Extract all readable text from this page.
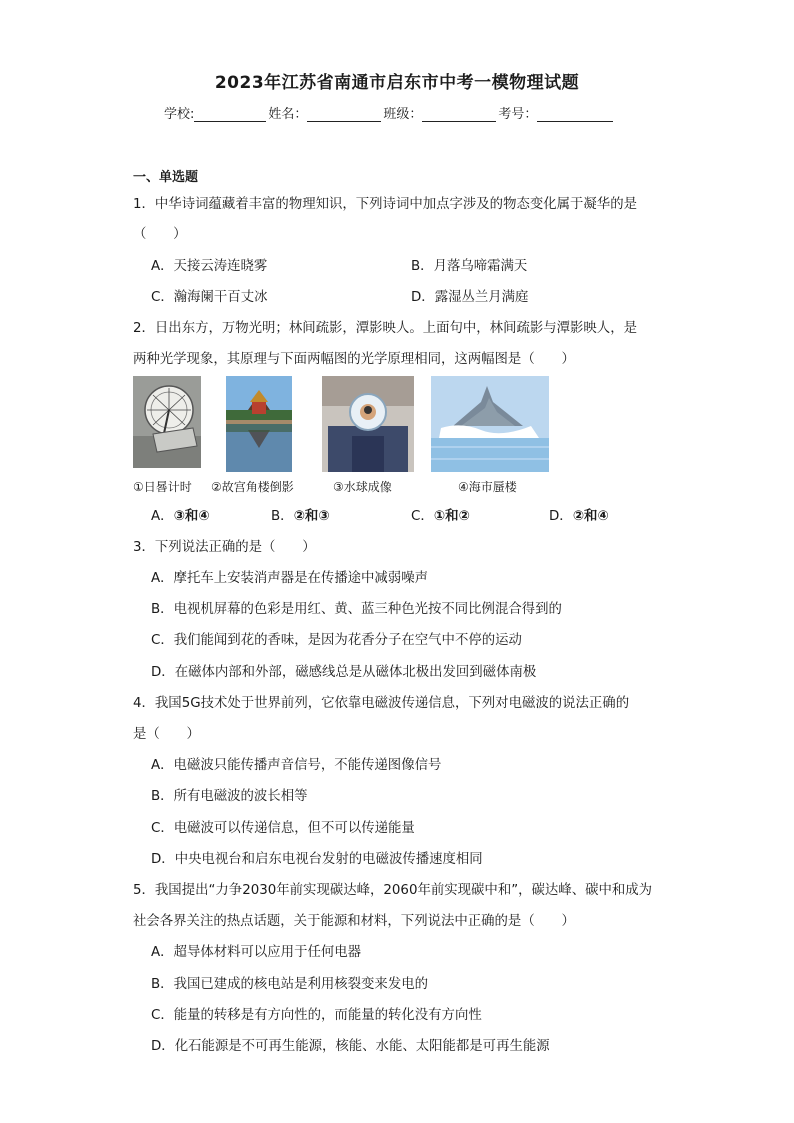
2023年江苏省南通市启东市中考一模物理试题
学校:	姓名：	班级：	考号：
一、单选题
1．中华诗词蕴藏着丰富的物理知识，下列诗词中加点字涉及的物态变化属于凝华的是
（　　）
A．天接云涛连晓雾	B．月落乌啼霜满天
C．瀚海阑干百丈冰	D．露湿丛兰月满庭
2．日出东方，万物光明；林间疏影，潭影映人。上面句中，林间疏影与潭影映人，是
两种光学现象，其原理与下面两幅图的光学原理相同，这两幅图是（　　）
①日晷计时 ②故宫角楼倒影	③水球成像	④海市蜃楼
A．③和④	B．②和③	C．①和②	D．②和④
3．下列说法正确的是（　　）
A．摩托车上安装消声器是在传播途中减弱噪声
B．电视机屏幕的色彩是用红、黄、蓝三种色光按不同比例混合得到的
C．我们能闻到花的香味，是因为花香分子在空气中不停的运动
D．在磁体内部和外部，磁感线总是从磁体北极出发回到磁体南极
4．我国5G技术处于世界前列，它依靠电磁波传递信息，下列对电磁波的说法正确的
是（　　）
A．电磁波只能传播声音信号，不能传递图像信号
B．所有电磁波的波长相等
C．电磁波可以传递信息，但不可以传递能量
D．中央电视台和启东电视台发射的电磁波传播速度相同
5．我国提出“力争2030年前实现碳达峰，2060年前实现碳中和”，碳达峰、碳中和成为
社会各界关注的热点话题，关于能源和材料，下列说法中正确的是（　　）
A．超导体材料可以应用于任何电器
B．我国已建成的核电站是利用核裂变来发电的
C．能量的转移是有方向性的，而能量的转化没有方向性
D．化石能源是不可再生能源，核能、水能、太阳能都是可再生能源
